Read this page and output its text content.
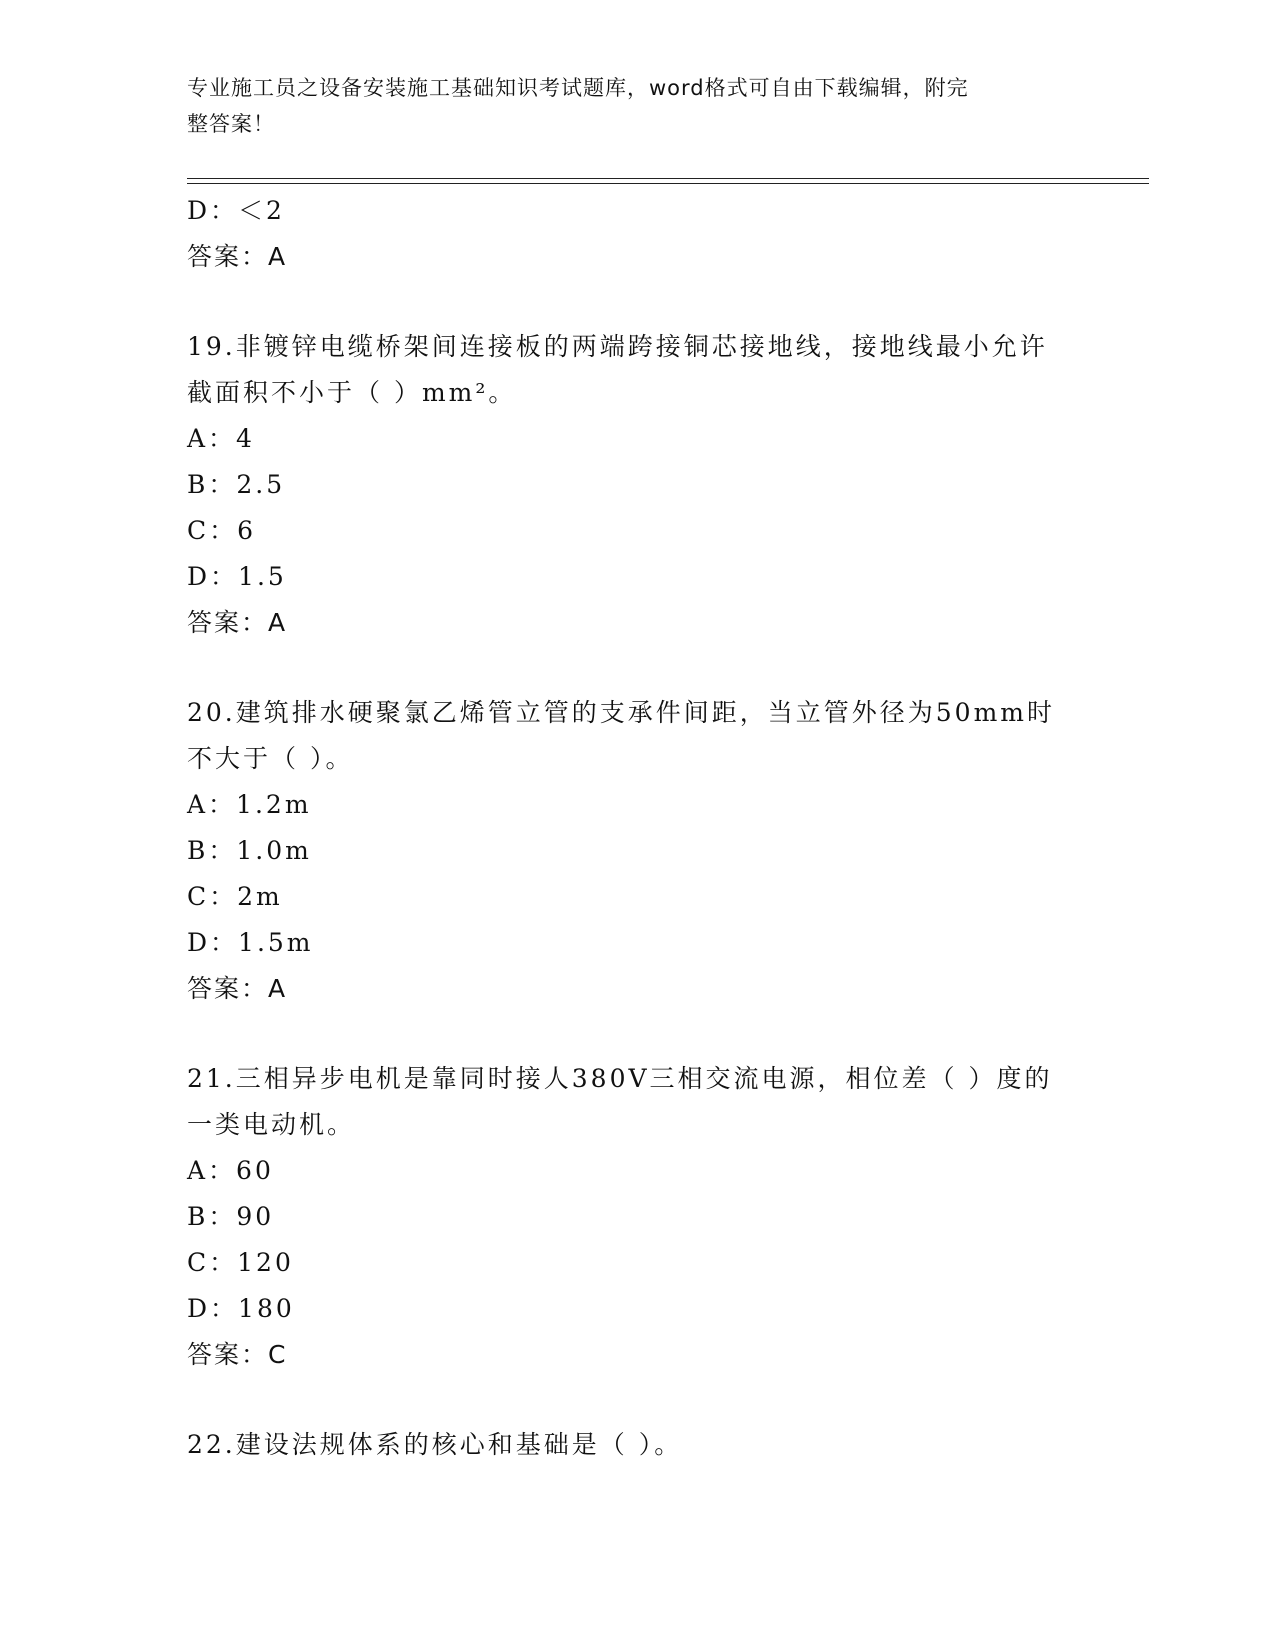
专业施工员之设备安装施工基础知识考试题库，word格式可自由下载编辑，附完
整答案！
D：＜2
答案：A
19.非镀锌电缆桥架间连接板的两端跨接铜芯接地线，接地线最小允许
截面积不小于（ ）mm²。
A：4
B：2.5
C：6
D：1.5
答案：A
20.建筑排水硬聚氯乙烯管立管的支承件间距，当立管外径为50mm时
不大于（ ）。
A：1.2m
B：1.0m
C：2m
D：1.5m
答案：A
21.三相异步电机是靠同时接人380V三相交流电源，相位差（ ）度的
一类电动机。
A：60
B：90
C：120
D：180
答案：C
22.建设法规体系的核心和基础是（ ）。
